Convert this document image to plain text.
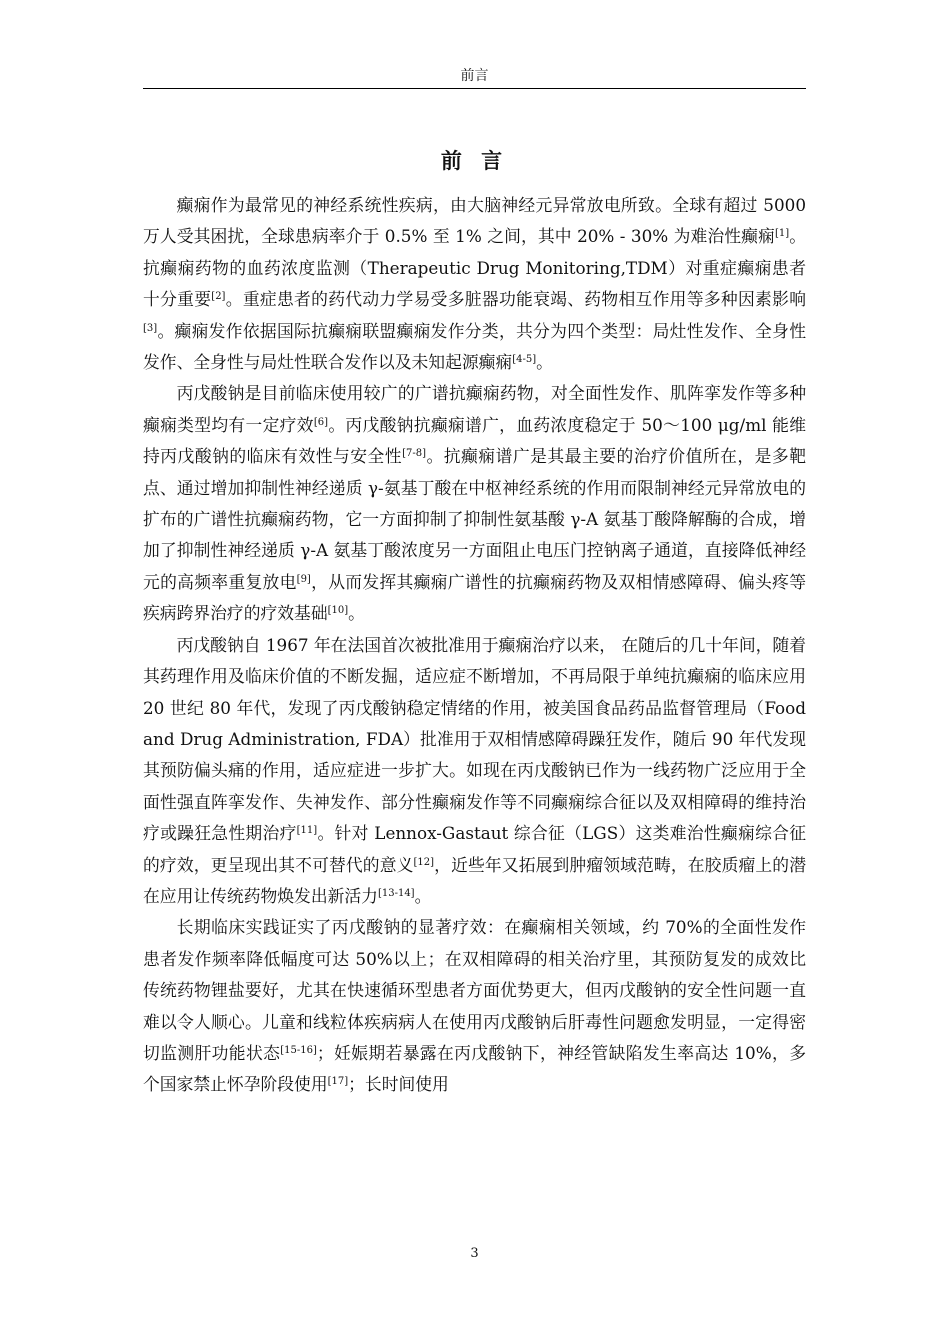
前言
前 言

癫痫作为最常见的神经系统性疾病，由大脑神经元异常放电所致。全球有超过 5000 万人受其困扰，全球患病率介于 0.5% 至 1% 之间，其中 20% - 30% 为难治性癫痫[1]。抗癫痫药物的血药浓度监测（Therapeutic Drug Monitoring,TDM）对重症癫痫患者十分重要[2]。重症患者的药代动力学易受多脏器功能衰竭、药物相互作用等多种因素影响[3]。癫痫发作依据国际抗癫痫联盟癫痫发作分类，共分为四个类型：局灶性发作、全身性发作、全身性与局灶性联合发作以及未知起源癫痫[4-5]。

丙戊酸钠是目前临床使用较广的广谱抗癫痫药物，对全面性发作、肌阵挛发作等多种癫痫类型均有一定疗效[6]。丙戊酸钠抗癫痫谱广，血药浓度稳定于 50～100 μg/ml 能维持丙戊酸钠的临床有效性与安全性[7-8]。抗癫痫谱广是其最主要的治疗价值所在，是多靶点、通过增加抑制性神经递质 γ-氨基丁酸在中枢神经系统的作用而限制神经元异常放电的扩布的广谱性抗癫痫药物，它一方面抑制了抑制性氨基酸 γ-A 氨基丁酸降解酶的合成，增加了抑制性神经递质 γ-A 氨基丁酸浓度另一方面阻止电压门控钠离子通道，直接降低神经元的高频率重复放电[9]，从而发挥其癫痫广谱性的抗癫痫药物及双相情感障碍、偏头疼等疾病跨界治疗的疗效基础[10]。

丙戊酸钠自 1967 年在法国首次被批准用于癫痫治疗以来， 在随后的几十年间，随着其药理作用及临床价值的不断发掘，适应症不断增加，不再局限于单纯抗癫痫的临床应用 20 世纪 80 年代，发现了丙戊酸钠稳定情绪的作用，被美国食品药品监督管理局（Food and Drug Administration, FDA）批准用于双相情感障碍躁狂发作，随后 90 年代发现其预防偏头痛的作用，适应症进一步扩大。如现在丙戊酸钠已作为一线药物广泛应用于全面性强直阵挛发作、失神发作、部分性癫痫发作等不同癫痫综合征以及双相障碍的维持治疗或躁狂急性期治疗[11]。针对 Lennox-Gastaut 综合征（LGS）这类难治性癫痫综合征的疗效，更呈现出其不可替代的意义[12]，近些年又拓展到肿瘤领域范畴，在胶质瘤上的潜在应用让传统药物焕发出新活力[13-14]。

长期临床实践证实了丙戊酸钠的显著疗效：在癫痫相关领域，约 70%的全面性发作患者发作频率降低幅度可达 50%以上；在双相障碍的相关治疗里，其预防复发的成效比传统药物锂盐要好，尤其在快速循环型患者方面优势更大，但丙戊酸钠的安全性问题一直难以令人顺心。儿童和线粒体疾病病人在使用丙戊酸钠后肝毒性问题愈发明显，一定得密切监测肝功能状态[15-16]；妊娠期若暴露在丙戊酸钠下，神经管缺陷发生率高达 10%，多个国家禁止怀孕阶段使用[17]；长时间使用

3
